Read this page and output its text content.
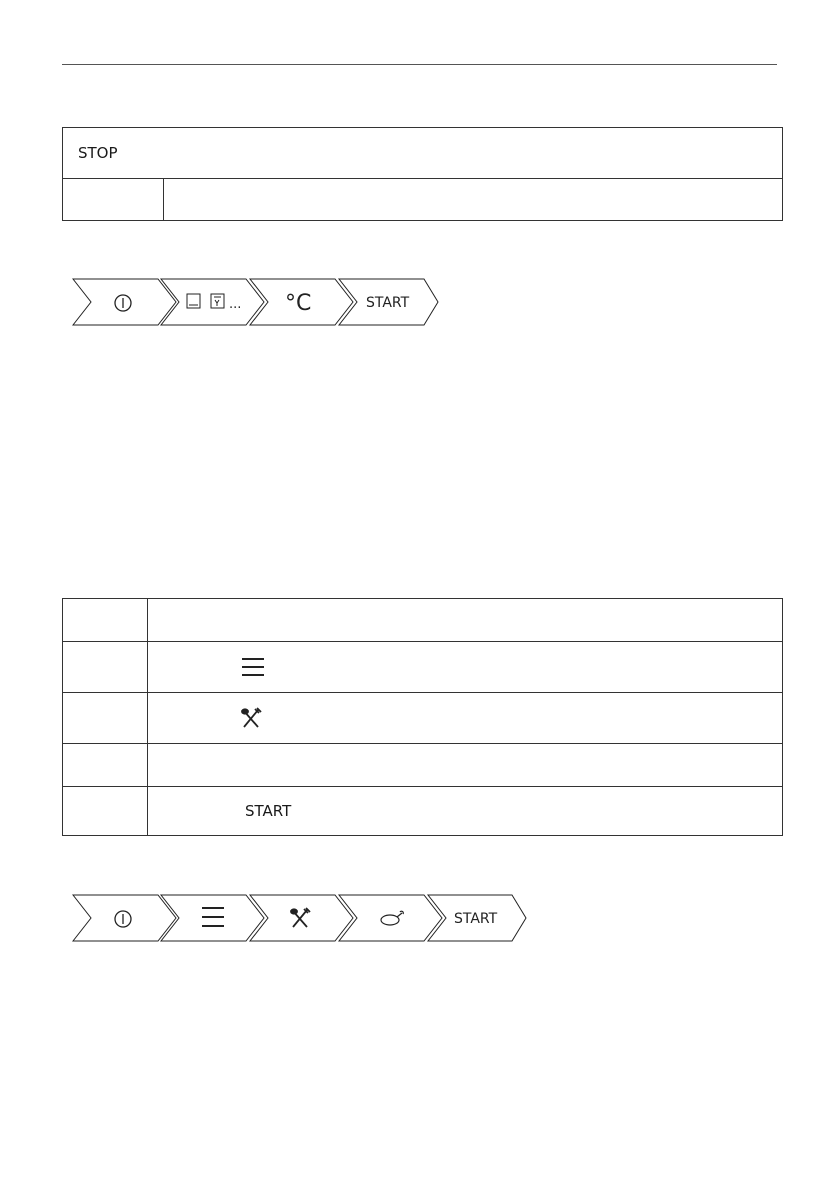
STOP

... °C	START

	START
START
